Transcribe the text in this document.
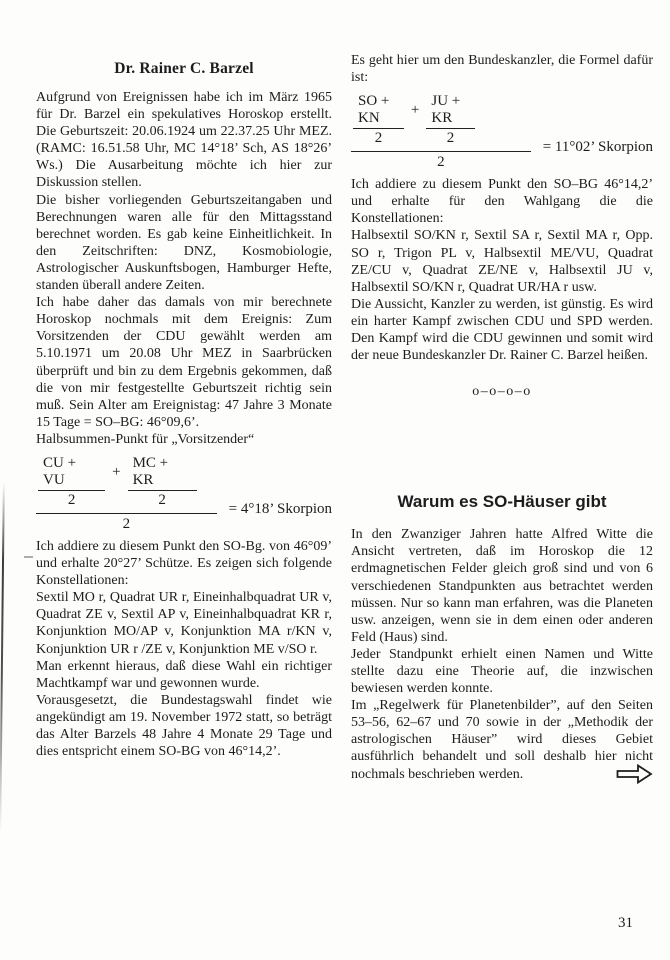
Dr. Rainer C. Barzel

Aufgrund von Ereignissen habe ich im März 1965 für Dr. Barzel ein spekulatives Horoskop erstellt. Die Geburtszeit: 20.06.1924 um 22.37.25 Uhr MEZ. (RAMC: 16.51.58 Uhr, MC 14°18’ Sch, AS 18°26’ Ws.) Die Ausarbeitung möchte ich hier zur Diskussion stellen.

Die bisher vorliegenden Geburtszeitangaben und Berechnungen waren alle für den Mittagsstand berechnet worden. Es gab keine Einheitlichkeit. In den Zeitschriften: DNZ, Kosmobiologie, Astrologischer Auskunftsbogen, Hamburger Hefte, standen überall andere Zeiten.

Ich habe daher das damals von mir berechnete Horoskop nochmals mit dem Ereignis: Zum Vorsitzenden der CDU gewählt werden am 5.10.1971 um 20.08 Uhr MEZ in Saarbrücken überprüft und bin zu dem Ergebnis gekommen, daß die von mir festgestellte Geburtszeit richtig sein muß. Sein Alter am Ereignistag: 47 Jahre 3 Monate 15 Tage = SO–BG: 46°09,6’.

Halbsummen-Punkt für „Vorsitzender“

$\frac{CU + VU}{2} + \frac{MC + KR}{2}$
2
= 4°18’ Skorpion

Ich addiere zu diesem Punkt den SO-Bg. von 46°09’ und erhalte 20°27’ Schütze. Es zeigen sich folgende Konstellationen:

Sextil MO r, Quadrat UR r, Eineinhalbquadrat UR v, Quadrat ZE v, Sextil AP v, Eineinhalbquadrat KR r, Konjunktion MO/AP v, Konjunktion MA r/KN v, Konjunktion UR r /ZE v, Konjunktion ME v/SO r.

Man erkennt hieraus, daß diese Wahl ein richtiger Machtkampf war und gewonnen wurde.

Vorausgesetzt, die Bundestagswahl findet wie angekündigt am 19. November 1972 statt, so beträgt das Alter Barzels 48 Jahre 4 Monate 29 Tage und dies entspricht einem SO-BG von 46°14,2’.

Es geht hier um den Bundeskanzler, die Formel dafür ist:

$\frac{SO + KN}{2} + \frac{JU + KR}{2}$
2
= 11°02’ Skorpion

Ich addiere zu diesem Punkt den SO–BG 46°14,2’ und erhalte für den Wahlgang die die Konstellationen:

Halbsextil SO/KN r, Sextil SA r, Sextil MA r, Opp. SO r, Trigon PL v, Halbsextil ME/VU, Quadrat ZE/CU v, Quadrat ZE/NE v, Halbsextil JU v, Halbsextil SO/KN r, Quadrat UR/HA r usw.

Die Aussicht, Kanzler zu werden, ist günstig. Es wird ein harter Kampf zwischen CDU und SPD werden. Den Kampf wird die CDU gewinnen und somit wird der neue Bundeskanzler Dr. Rainer C. Barzel heißen.

o–o–o–o

Warum es SO-Häuser gibt

In den Zwanziger Jahren hatte Alfred Witte die Ansicht vertreten, daß im Horoskop die 12 erdmagnetischen Felder gleich groß sind und von 6 verschiedenen Standpunkten aus betrachtet werden müssen. Nur so kann man erfahren, was die Planeten usw. anzeigen, wenn sie in dem einen oder anderen Feld (Haus) sind.

Jeder Standpunkt erhielt einen Namen und Witte stellte dazu eine Theorie auf, die inzwischen bewiesen werden konnte.

Im „Regelwerk für Planetenbilder”, auf den Seiten 53–56, 62–67 und 70 sowie in der „Methodik der astrologischen Häuser” wird dieses Gebiet ausführlich behandelt und soll deshalb hier nicht nochmals beschrieben werden.

31
